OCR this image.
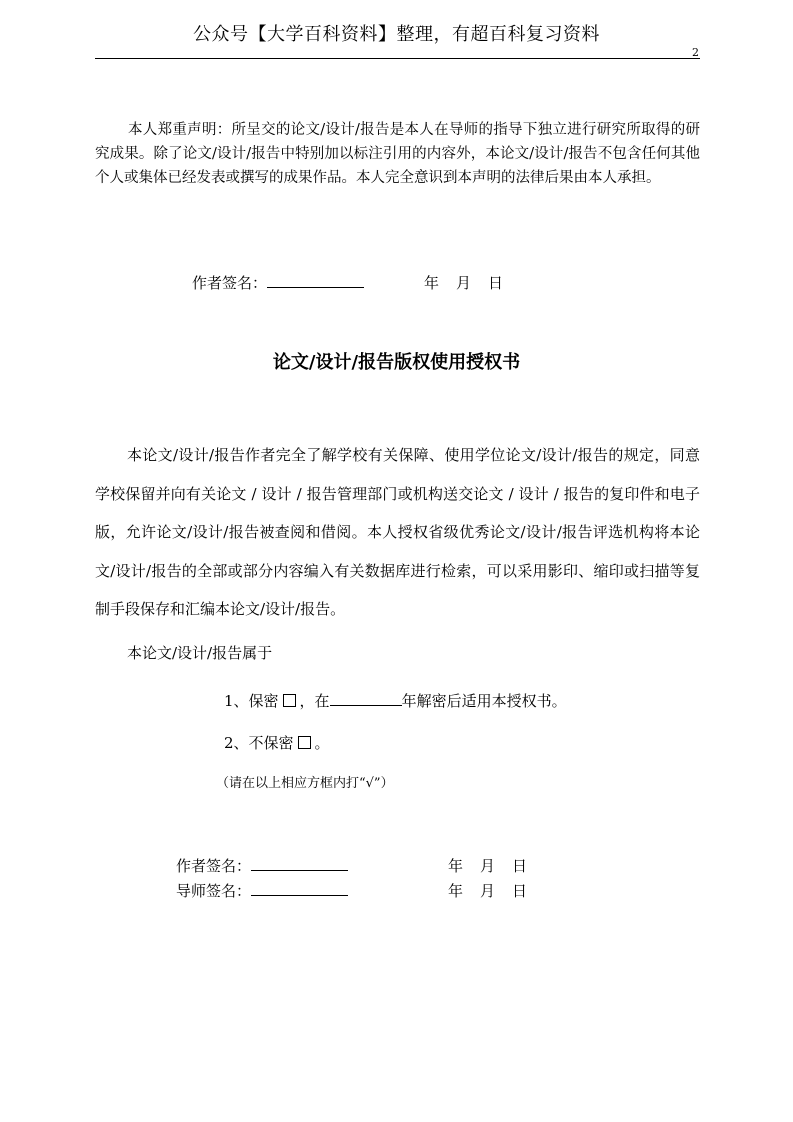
公众号【大学百科资料】整理，有超百科复习资料
2
本人郑重声明：所呈交的论文/设计/报告是本人在导师的指导下独立进行研究所取得的研究成果。除了论文/设计/报告中特别加以标注引用的内容外，本论文/设计/报告不包含任何其他个人或集体已经发表或撰写的成果作品。本人完全意识到本声明的法律后果由本人承担。
作者签名：	年 月 日
论文/设计/报告版权使用授权书
本论文/设计/报告作者完全了解学校有关保障、使用学位论文/设计/报告的规定，同意学校保留并向有关论文 / 设计 / 报告管理部门或机构送交论文 / 设计 / 报告的复印件和电子版，允许论文/设计/报告被查阅和借阅。本人授权省级优秀论文/设计/报告评选机构将本论文/设计/报告的全部或部分内容编入有关数据库进行检索，可以采用影印、缩印或扫描等复制手段保存和汇编本论文/设计/报告。
本论文/设计/报告属于
1、保密 ，在	年解密后适用本授权书。
2、不保密 。
（请在以上相应方框内打“√”）
作者签名：	年 月 日
导师签名：	年 月 日
